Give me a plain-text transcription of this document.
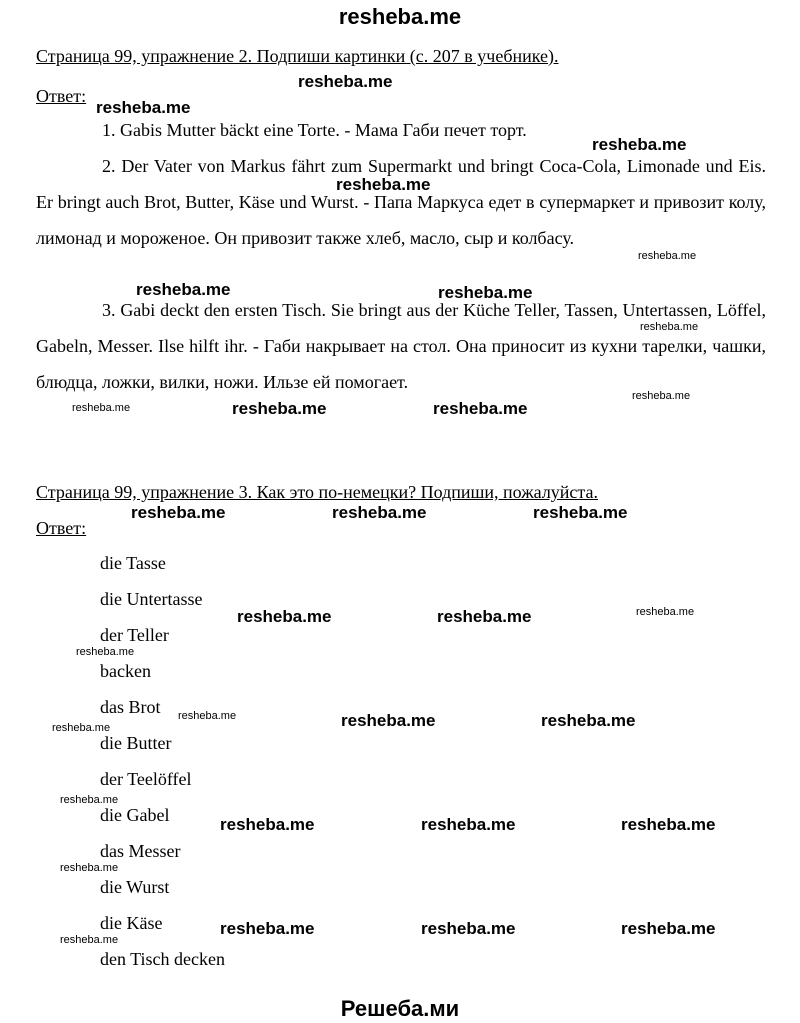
resheba.me
Страница 99, упражнение 2. Подпиши картинки (с. 207 в учебнике).
Ответ:

1. Gabis Mutter bäckt eine Torte. - Мама Габи печет торт.

2. Der Vater von Markus fährt zum Supermarkt und bringt Coca-Cola, Limonade und Eis. Er bringt auch Brot, Butter, Käse und Wurst. - Папа Маркуса едет в супермаркет и привозит колу, лимонад и мороженое. Он привозит также хлеб, масло, сыр и колбасу.

3. Gabi deckt den ersten Tisch. Sie bringt aus der Küche Teller, Tassen, Untertassen, Löffel, Gabeln, Messer. Ilse hilft ihr. - Габи накрывает на стол. Она приносит из кухни тарелки, чашки, блюдца, ложки, вилки, ножи. Ильзе ей помогает.

Страница 99, упражнение 3. Как это по-немецки? Подпиши, пожалуйста.
Ответ:
die Tasse
die Untertasse
der Teller
backen
das Brot
die Butter
der Teelöffel
die Gabel
das Messer
die Wurst
die Käse
den Tisch decken
resheba.me
resheba.me
resheba.me
resheba.me
resheba.me	resheba.me
resheba.me	resheba.me
resheba.me	resheba.me	resheba.me
resheba.me	resheba.me
resheba.me	resheba.me
resheba.me	resheba.me	resheba.me
resheba.me	resheba.me	resheba.me
resheba.me
resheba.me
resheba.me
resheba.me
resheba.me
resheba.me
resheba.me
resheba.me
resheba.me
resheba.me
resheba.me
Решеба.ми
